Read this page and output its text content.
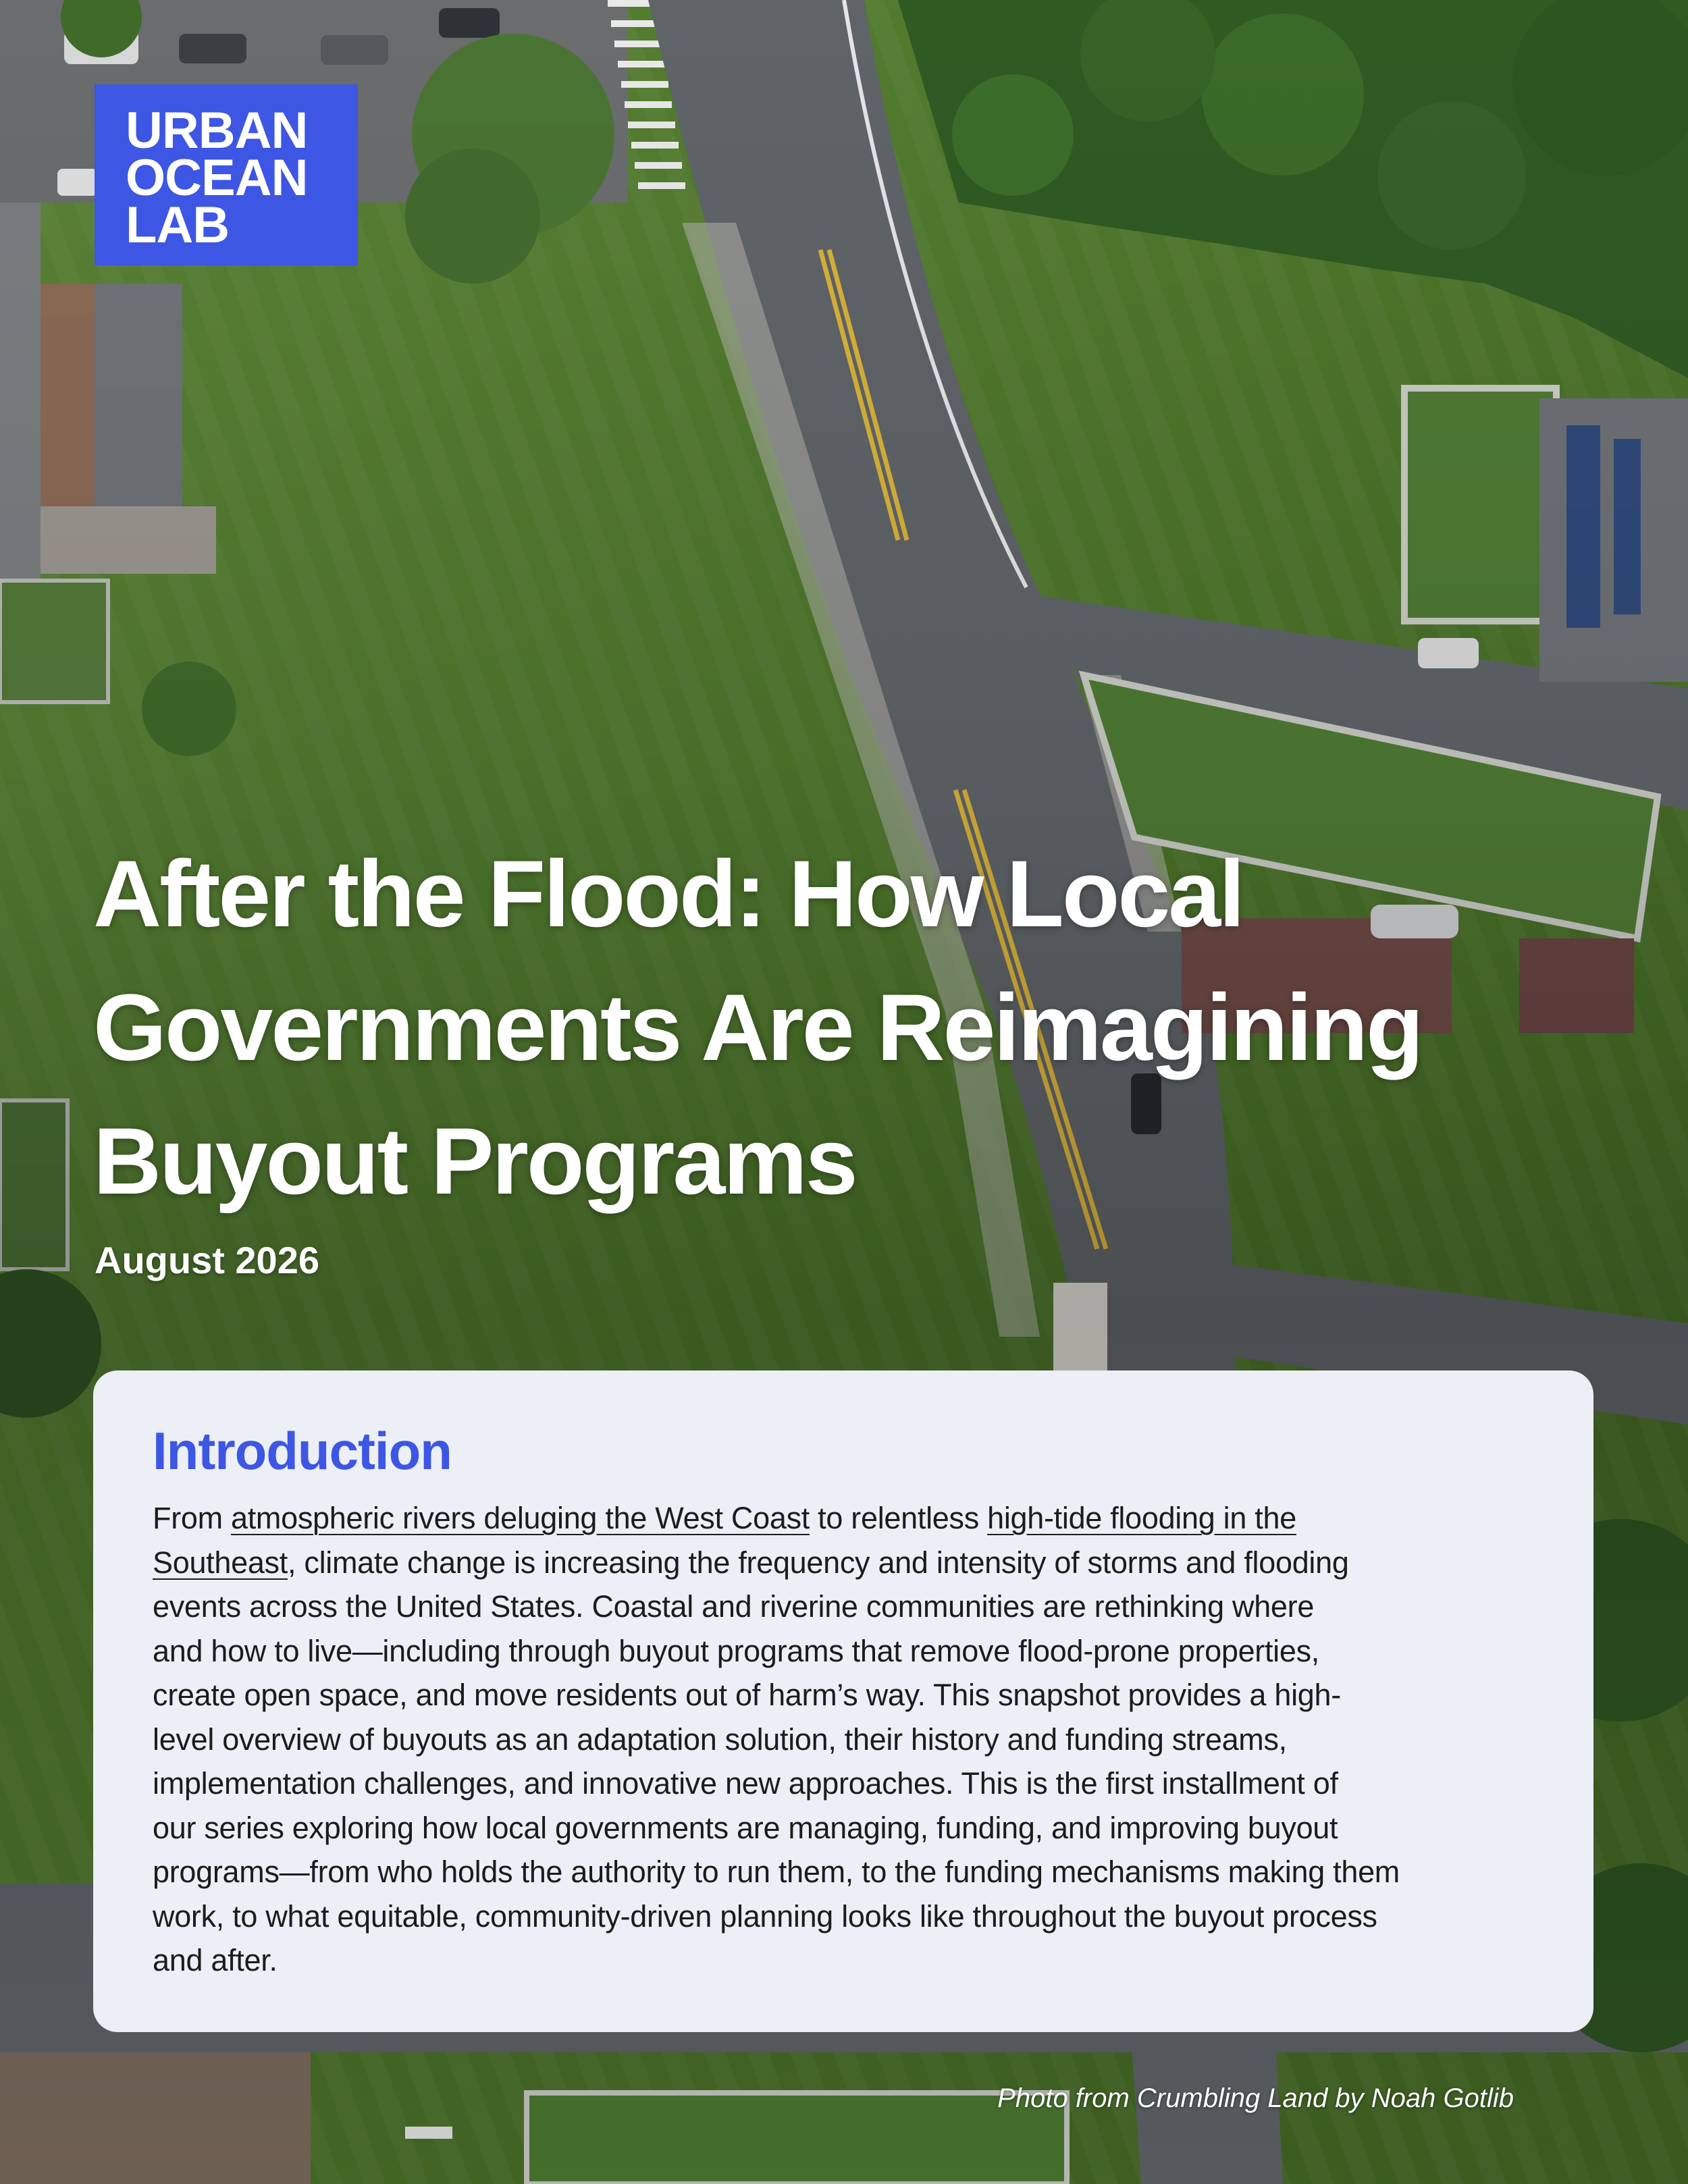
URBAN
OCEAN
LAB
After the Flood: How Local
Governments Are Reimagining
Buyout Programs

August 2026

Introduction

From atmospheric rivers deluging the West Coast to relentless high-tide flooding in the
Southeast, climate change is increasing the frequency and intensity of storms and flooding
events across the United States. Coastal and riverine communities are rethinking where
and how to live—including through buyout programs that remove flood-prone properties,
create open space, and move residents out of harm’s way. This snapshot provides a high-
level overview of buyouts as an adaptation solution, their history and funding streams,
implementation challenges, and innovative new approaches. This is the first installment of
our series exploring how local governments are managing, funding, and improving buyout
programs—from who holds the authority to run them, to the funding mechanisms making them
work, to what equitable, community-driven planning looks like throughout the buyout process
and after.

Photo from Crumbling Land by Noah Gotlib
